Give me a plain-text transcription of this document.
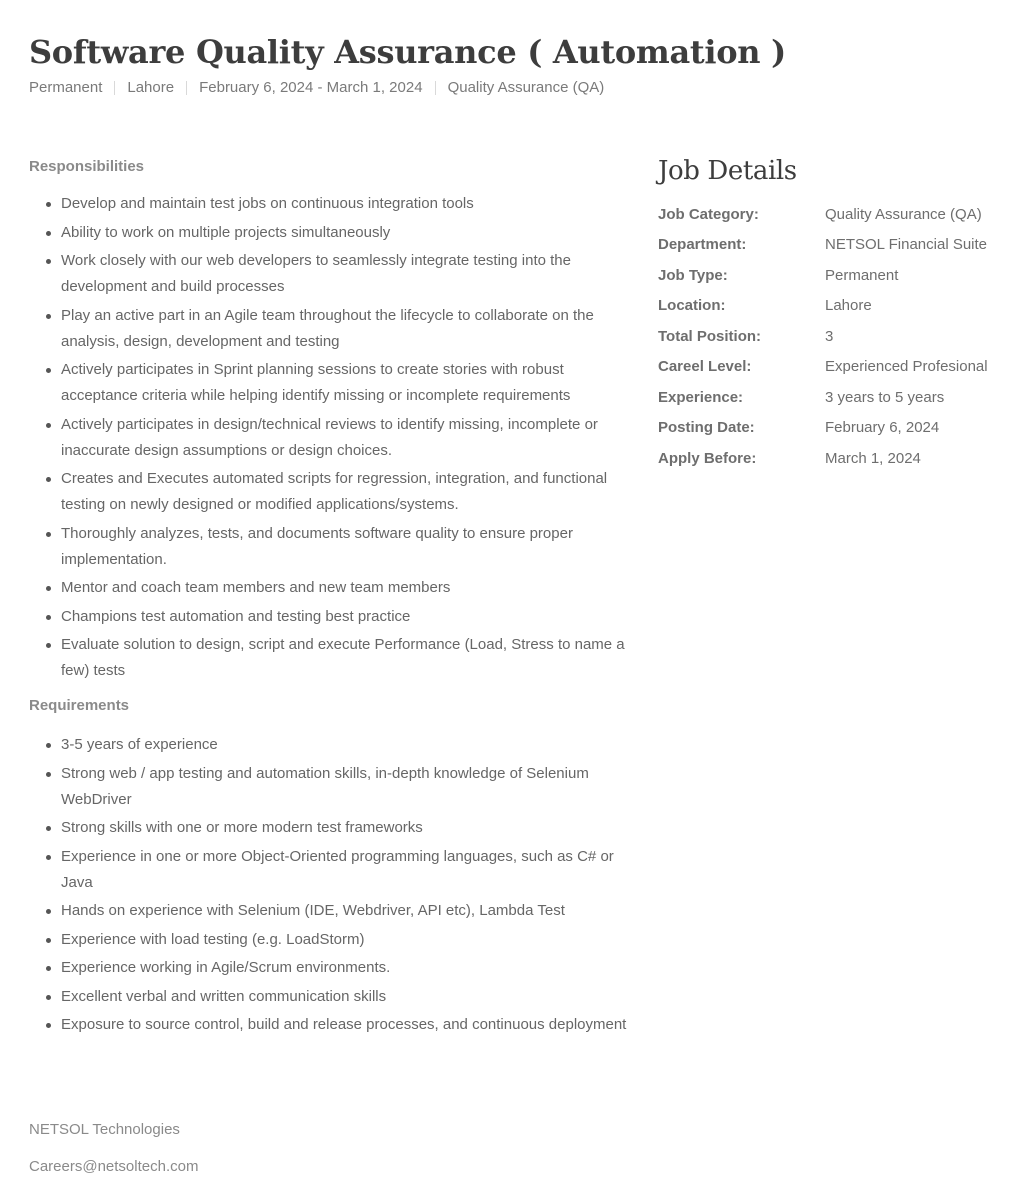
Software Quality Assurance ( Automation )
Permanent Lahore February 6, 2024 - March 1, 2024 Quality Assurance (QA)
Responsibilities
Develop and maintain test jobs on continuous integration tools
Ability to work on multiple projects simultaneously
Work closely with our web developers to seamlessly integrate testing into the development and build processes
Play an active part in an Agile team throughout the lifecycle to collaborate on the analysis, design, development and testing
Actively participates in Sprint planning sessions to create stories with robust acceptance criteria while helping identify missing or incomplete requirements
Actively participates in design/technical reviews to identify missing, incomplete or inaccurate design assumptions or design choices.
Creates and Executes automated scripts for regression, integration, and functional testing on newly designed or modified applications/systems.
Thoroughly analyzes, tests, and documents software quality to ensure proper implementation.
Mentor and coach team members and new team members
Champions test automation and testing best practice
Evaluate solution to design, script and execute Performance (Load, Stress to name a few) tests
Requirements
3-5 years of experience
Strong web / app testing and automation skills, in-depth knowledge of Selenium WebDriver
Strong skills with one or more modern test frameworks
Experience in one or more Object-Oriented programming languages, such as C# or Java
Hands on experience with Selenium (IDE, Webdriver, API etc), Lambda Test
Experience with load testing (e.g. LoadStorm)
Experience working in Agile/Scrum environments.
Excellent verbal and written communication skills
Exposure to source control, build and release processes, and continuous deployment
Job Details
Job Category:	Quality Assurance (QA)
Department:	NETSOL Financial Suite
Job Type:	Permanent
Location:	Lahore
Total Position:	3
Careel Level:	Experienced Profesional
Experience:	3 years to 5 years
Posting Date:	February 6, 2024
Apply Before:	March 1, 2024
NETSOL Technologies
Careers@netsoltech.com
